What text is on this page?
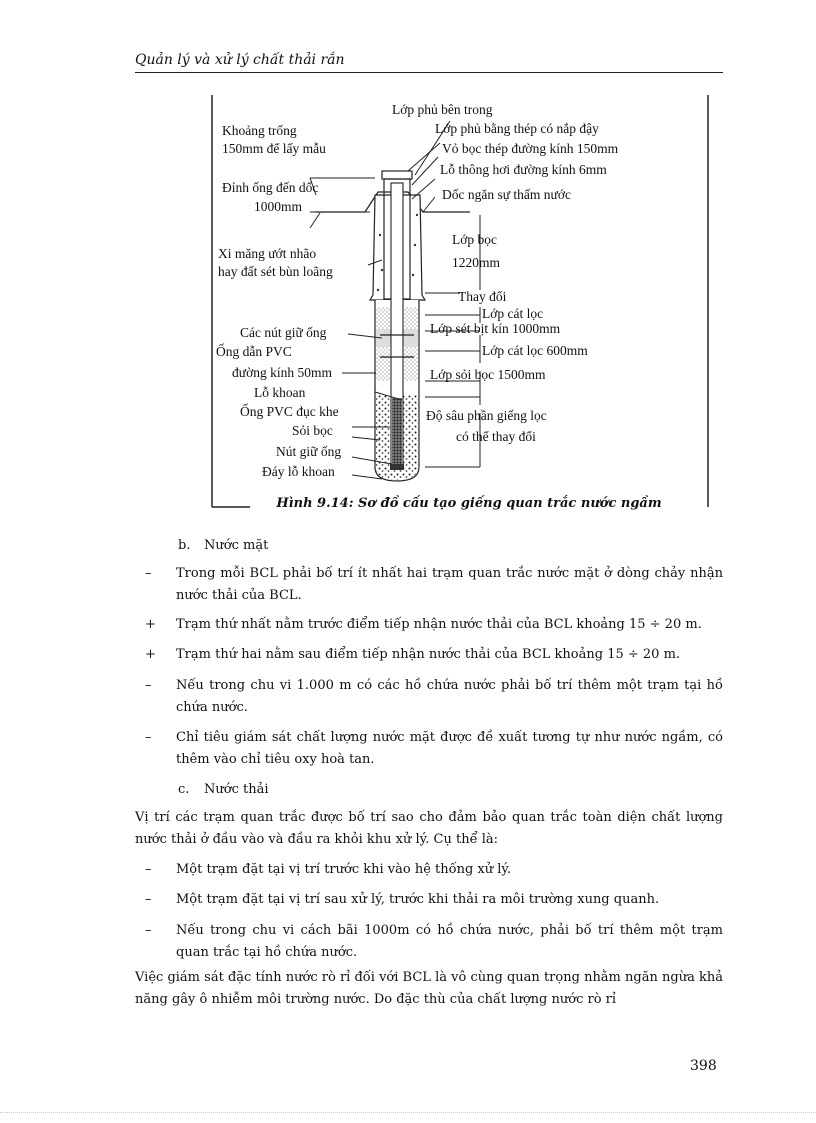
Quản lý và xử lý chất thải rắn
Lớp phủ bên trong
Lớp phủ bằng thép có nắp đậy
Vỏ bọc thép đường kính 150mm
Lỗ thông hơi đường kính 6mm
Dốc ngăn sự thấm nước
Lớp bọc
1220mm
Thay đổi
Lớp cát lọc
Lớp sét bịt kín 1000mm
Lớp cát lọc 600mm
Lớp sỏi bọc 1500mm
Độ sâu phần giếng lọc
có thể thay đổi
Khoảng trống
150mm để lấy mẫu
Đỉnh ống đến dốc
1000mm
Xi măng ướt nhão
hay đất sét bùn loãng
Các nút giữ ống
Ống dẫn PVC
đường kính 50mm
Lỗ khoan
Ống PVC đục khe
Sỏi bọc
Nút giữ ống
Đáy lỗ khoan
Hình 9.14: Sơ đồ cấu tạo giếng quan trắc nước ngầm
b. Nước mặt
– Trong mỗi BCL phải bố trí ít nhất hai trạm quan trắc nước mặt ở dòng chảy nhận nước thải của BCL.
+ Trạm thứ nhất nằm trước điểm tiếp nhận nước thải của BCL khoảng 15 ÷ 20 m.
+ Trạm thứ hai nằm sau điểm tiếp nhận nước thải của BCL khoảng 15 ÷ 20 m.
– Nếu trong chu vi 1.000 m có các hồ chứa nước phải bố trí thêm một trạm tại hồ chứa nước.
– Chỉ tiêu giám sát chất lượng nước mặt được đề xuất tương tự như nước ngầm, có thêm vào chỉ tiêu oxy hoà tan.
c. Nước thải
Vị trí các trạm quan trắc được bố trí sao cho đảm bảo quan trắc toàn diện chất lượng nước thải ở đầu vào và đầu ra khỏi khu xử lý. Cụ thể là:
– Một trạm đặt tại vị trí trước khi vào hệ thống xử lý.
– Một trạm đặt tại vị trí sau xử lý, trước khi thải ra môi trường xung quanh.
– Nếu trong chu vi cách bãi 1000m có hồ chứa nước, phải bố trí thêm một trạm quan trắc tại hồ chứa nước.
Việc giám sát đặc tính nước rò rỉ đối với BCL là vô cùng quan trọng nhằm ngăn ngừa khả năng gây ô nhiễm môi trường nước. Do đặc thù của chất lượng nước rò rỉ
398
